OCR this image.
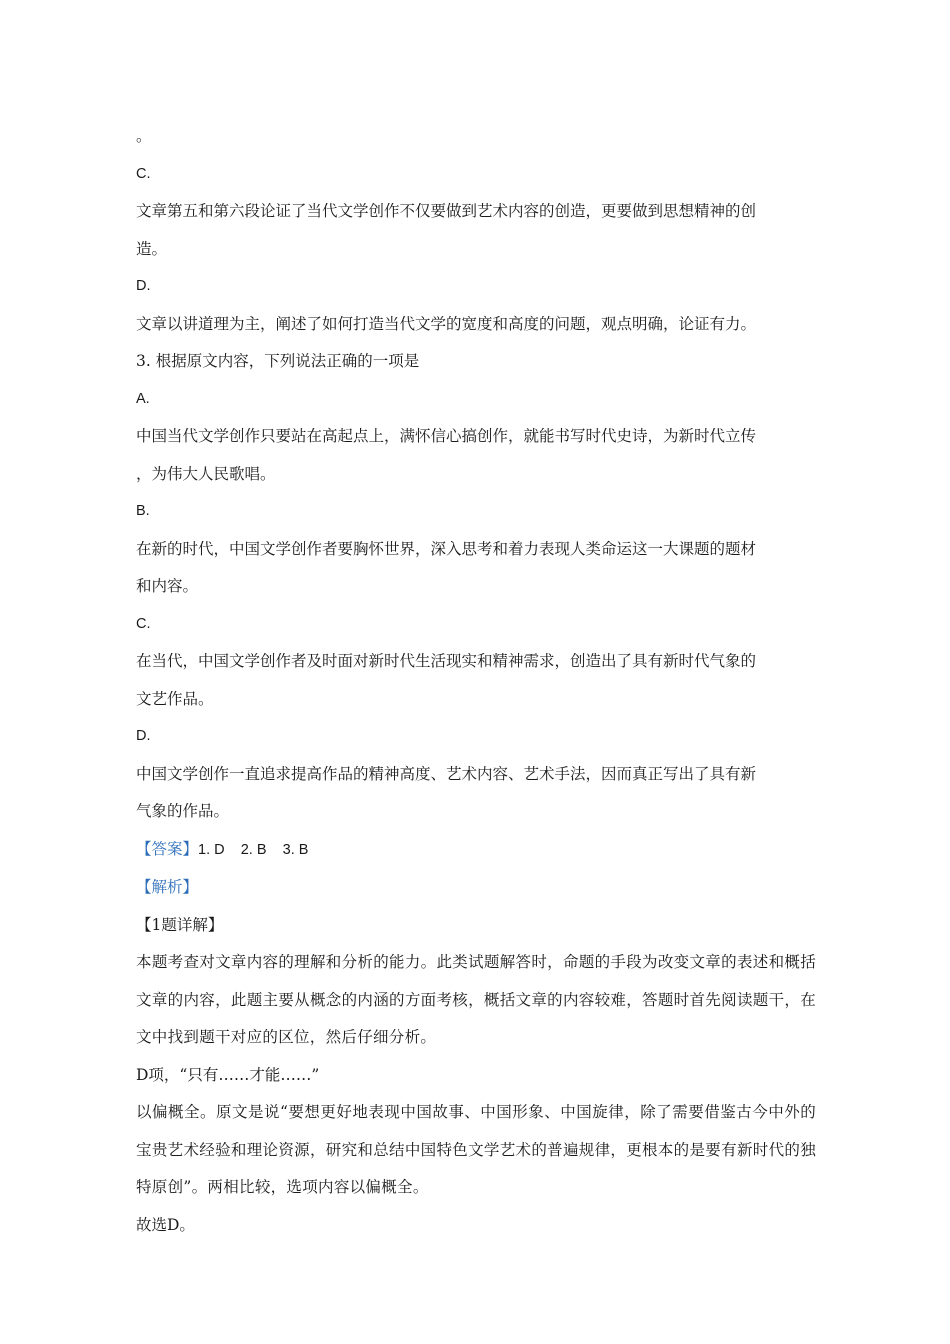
。

C.

文章第五和第六段论证了当代文学创作不仅要做到艺术内容的创造，更要做到思想精神的创

造。

D.

文章以讲道理为主，阐述了如何打造当代文学的宽度和高度的问题，观点明确，论证有力。

3. 根据原文内容，下列说法正确的一项是

A.

中国当代文学创作只要站在高起点上，满怀信心搞创作，就能书写时代史诗，为新时代立传

，为伟大人民歌唱。

B.

在新的时代，中国文学创作者要胸怀世界，深入思考和着力表现人类命运这一大课题的题材

和内容。

C.

在当代，中国文学创作者及时面对新时代生活现实和精神需求，创造出了具有新时代气象的

文艺作品。

D.

中国文学创作一直追求提高作品的精神高度、艺术内容、艺术手法，因而真正写出了具有新

气象的作品。

【答案】1. D    2. B    3. B

【解析】

【1题详解】

本题考查对文章内容的理解和分析的能力。此类试题解答时，命题的手段为改变文章的表述和概括文章的内容，此题主要从概念的内涵的方面考核，概括文章的内容较难，答题时首先阅读题干，在文中找到题干对应的区位，然后仔细分析。

D项，“只有……才能……”

以偏概全。原文是说“要想更好地表现中国故事、中国形象、中国旋律，除了需要借鉴古今中外的宝贵艺术经验和理论资源，研究和总结中国特色文学艺术的普遍规律，更根本的是要有新时代的独特原创”。两相比较，选项内容以偏概全。

故选D。
